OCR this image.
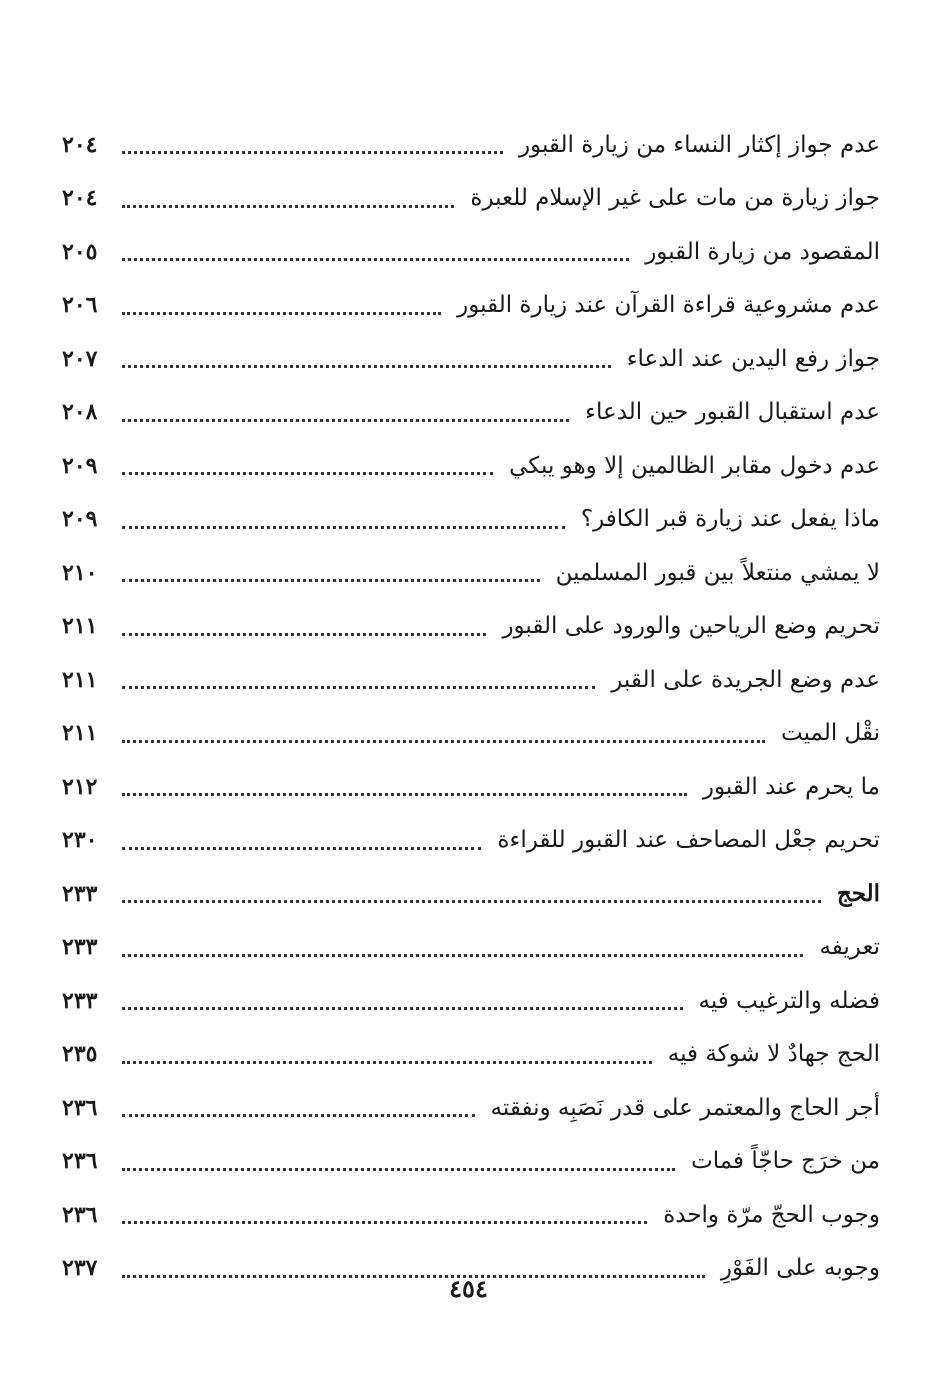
عدم جواز إكثار النساء من زيارة القبور
٢٠٤
جواز زيارة من مات على غير الإسلام للعبرة
٢٠٤
المقصود من زيارة القبور
٢٠٥
عدم مشروعية قراءة القرآن عند زيارة القبور
٢٠٦
جواز رفع اليدين عند الدعاء
٢٠٧
عدم استقبال القبور حين الدعاء
٢٠٨
عدم دخول مقابر الظالمين إلا وهو يبكي
٢٠٩
ماذا يفعل عند زيارة قبر الكافر؟
٢٠٩
لا يمشي منتعلاً بين قبور المسلمين
٢١٠
تحريم وضع الرياحين والورود على القبور
٢١١
عدم وضع الجريدة على القبر
٢١١
نقْل الميت
٢١١
ما يحرم عند القبور
٢١٢
تحريم جعْل المصاحف عند القبور للقراءة
٢٣٠
الحج
٢٣٣
تعريفه
٢٣٣
فضله والترغيب فيه
٢٣٣
الحج جهادٌ لا شوكة فيه
٢٣٥
أجر الحاج والمعتمر على قدر نَصَبِه ونفقته
٢٣٦
من خرَج حاجّاً فمات
٢٣٦
وجوب الحجّ مرّة واحدة
٢٣٦
وجوبه على الفَوْرِ
٢٣٧
٤٥٤
